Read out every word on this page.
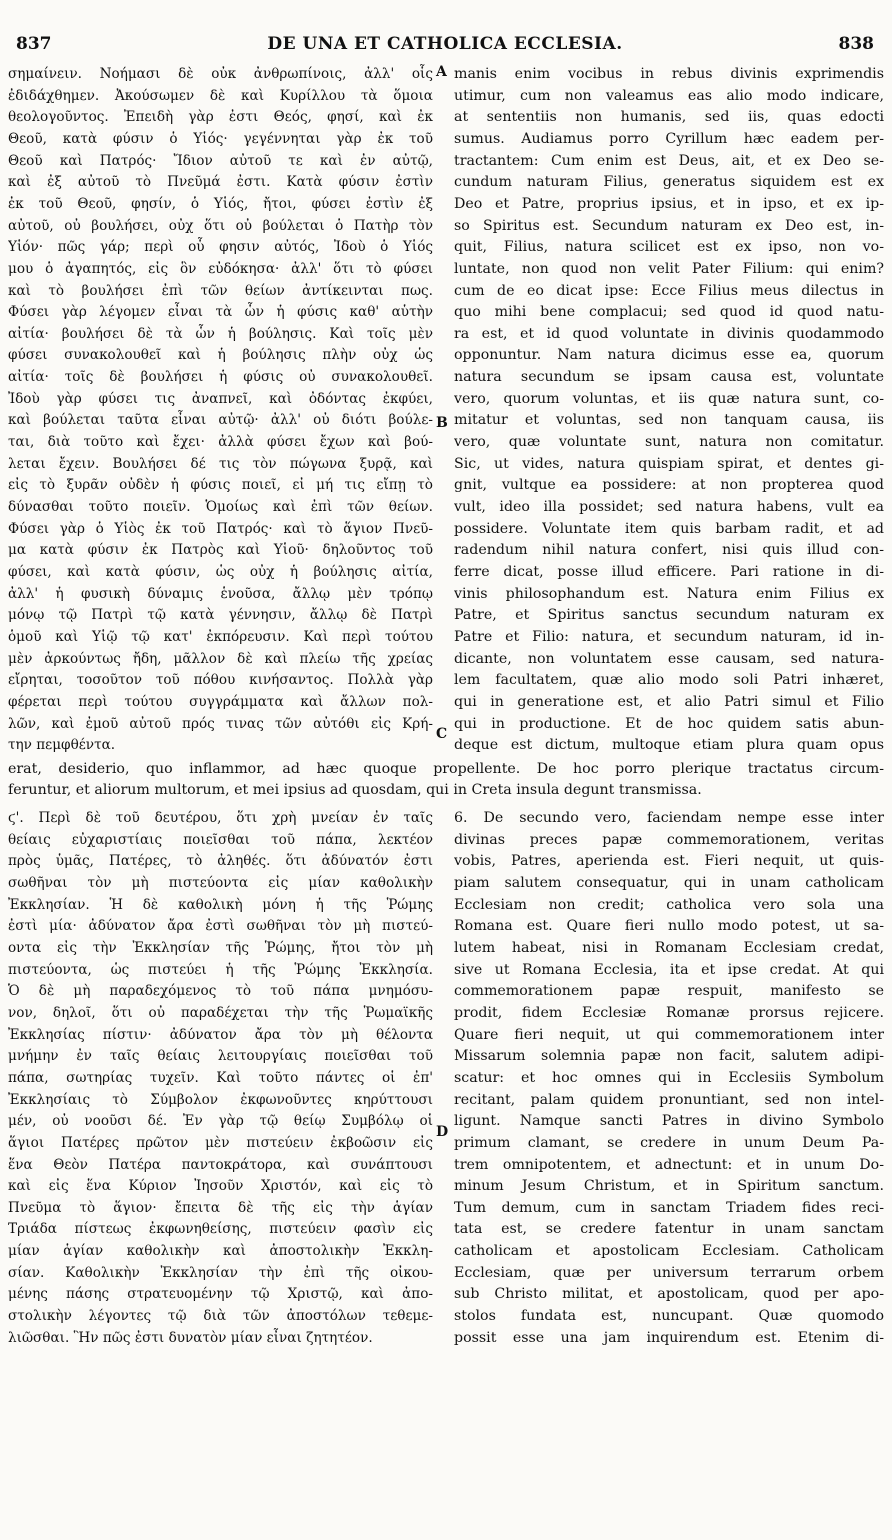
837	DE UNA ET CATHOLICA ECCLESIA.	838
σημαίνειν. Νοήμασι δὲ οὐκ ἀνθρωπίνοις, ἀλλ' οἷς
ἐδιδάχθημεν. Ἀκούσωμεν δὲ καὶ Κυρίλλου τὰ ὅμοια
θεολογοῦντος. Ἐπειδὴ γὰρ ἐστι Θεός, φησί, καὶ ἐκ
Θεοῦ, κατὰ φύσιν ὁ Υἱός· γεγέννηται γὰρ ἐκ τοῦ
Θεοῦ καὶ Πατρός· Ἴδιον αὐτοῦ τε καὶ ἐν αὐτῷ,
καὶ ἐξ αὐτοῦ τὸ Πνεῦμά ἐστι. Κατὰ φύσιν ἐστὶν
ἐκ τοῦ Θεοῦ, φησίν, ὁ Υἱός, ἤτοι, φύσει ἐστὶν ἐξ
αὐτοῦ, οὐ βουλήσει, οὐχ ὅτι οὐ βούλεται ὁ Πατὴρ τὸν
Υἱόν· πῶς γάρ; περὶ οὗ φησιν αὐτός, Ἰδοὺ ὁ Υἱός
μου ὁ ἀγαπητός, εἰς ὃν εὐδόκησα· ἀλλ' ὅτι τὸ φύσει
καὶ τὸ βουλήσει ἐπὶ τῶν θείων ἀντίκεινται πως.
Φύσει γὰρ λέγομεν εἶναι τὰ ὧν ἡ φύσις καθ' αὑτὴν
αἰτία· βουλήσει δὲ τὰ ὧν ἡ βούλησις. Καὶ τοῖς μὲν
φύσει συνακολουθεῖ καὶ ἡ βούλησις πλὴν οὐχ ὡς
αἰτία· τοῖς δὲ βουλήσει ἡ φύσις οὐ συνακολουθεῖ.
Ἰδοὺ γὰρ φύσει τις ἀναπνεῖ, καὶ ὀδόντας ἐκφύει,
καὶ βούλεται ταῦτα εἶναι αὐτῷ· ἀλλ' οὐ διότι βούλε-
ται, διὰ τοῦτο καὶ ἔχει· ἀλλὰ φύσει ἔχων καὶ βού-
λεται ἔχειν. Βουλήσει δέ τις τὸν πώγωνα ξυρᾷ, καὶ
εἰς τὸ ξυρᾶν οὐδὲν ἡ φύσις ποιεῖ, εἰ μή τις εἴπῃ τὸ
δύνασθαι τοῦτο ποιεῖν. Ὁμοίως καὶ ἐπὶ τῶν θείων.
Φύσει γὰρ ὁ Υἱὸς ἐκ τοῦ Πατρός· καὶ τὸ ἅγιον Πνεῦ-
μα κατὰ φύσιν ἐκ Πατρὸς καὶ Υἱοῦ· δηλοῦντος τοῦ
φύσει, καὶ κατὰ φύσιν, ὡς οὐχ ἡ βούλησις αἰτία,
ἀλλ' ἡ φυσικὴ δύναμις ἑνοῦσα, ἄλλῳ μὲν τρόπῳ
μόνῳ τῷ Πατρὶ τῷ κατὰ γέννησιν, ἄλλῳ δὲ Πατρὶ
ὁμοῦ καὶ Υἱῷ τῷ κατ' ἐκπόρευσιν. Καὶ περὶ τούτου
μὲν ἀρκούντως ἤδη, μᾶλλον δὲ καὶ πλείω τῆς χρείας
εἴρηται, τοσοῦτον τοῦ πόθου κινήσαντος. Πολλὰ γὰρ
φέρεται περὶ τούτου συγγράμματα καὶ ἄλλων πολ-
λῶν, καὶ ἐμοῦ αὐτοῦ πρός τινας τῶν αὐτόθι εἰς Κρή-
την πεμφθέντα.
manis enim vocibus in rebus divinis exprimendis
utimur, cum non valeamus eas alio modo indicare,
at sententiis non humanis, sed iis, quas edocti
sumus. Audiamus porro Cyrillum hæc eadem per-
tractantem: Cum enim est Deus, ait, et ex Deo se-
cundum naturam Filius, generatus siquidem est ex
Deo et Patre, proprius ipsius, et in ipso, et ex ip-
so Spiritus est. Secundum naturam ex Deo est, in-
quit, Filius, natura scilicet est ex ipso, non vo-
luntate, non quod non velit Pater Filium: qui enim?
cum de eo dicat ipse: Ecce Filius meus dilectus in
quo mihi bene complacui; sed quod id quod natu-
ra est, et id quod voluntate in divinis quodammodo
opponuntur. Nam natura dicimus esse ea, quorum
natura secundum se ipsam causa est, voluntate
vero, quorum voluntas, et iis quæ natura sunt, co-
mitatur et voluntas, sed non tanquam causa, iis
vero, quæ voluntate sunt, natura non comitatur.
Sic, ut vides, natura quispiam spirat, et dentes gi-
gnit, vultque ea possidere: at non propterea quod
vult, ideo illa possidet; sed natura habens, vult ea
possidere. Voluntate item quis barbam radit, et ad
radendum nihil natura confert, nisi quis illud con-
ferre dicat, posse illud efficere. Pari ratione in di-
vinis philosophandum est. Natura enim Filius ex
Patre, et Spiritus sanctus secundum naturam ex
Patre et Filio: natura, et secundum naturam, id in-
dicante, non voluntatem esse causam, sed natura-
lem facultatem, quæ alio modo soli Patri inhæret,
qui in generatione est, et alio Patri simul et Filio
qui in productione. Et de hoc quidem satis abun-
deque est dictum, multoque etiam plura quam opus
erat, desiderio, quo inflammor, ad hæc quoque propellente. De hoc porro plerique tractatus circum-
feruntur, et aliorum multorum, et mei ipsius ad quosdam, qui in Creta insula degunt transmissa.
ϛ'. Περὶ δὲ τοῦ δευτέρου, ὅτι χρὴ μνείαν ἐν ταῖς
θείαις εὐχαριστίαις ποιεῖσθαι τοῦ πάπα, λεκτέον
πρὸς ὑμᾶς, Πατέρες, τὸ ἀληθές. ὅτι ἀδύνατόν ἐστι
σωθῆναι τὸν μὴ πιστεύοντα εἰς μίαν καθολικὴν
Ἐκκλησίαν. Ἡ δὲ καθολικὴ μόνη ἡ τῆς Ῥώμης
ἐστὶ μία· ἀδύνατον ἄρα ἐστὶ σωθῆναι τὸν μὴ πιστεύ-
οντα εἰς τὴν Ἐκκλησίαν τῆς Ῥώμης, ἤτοι τὸν μὴ
πιστεύοντα, ὡς πιστεύει ἡ τῆς Ῥώμης Ἐκκλησία.
Ὁ δὲ μὴ παραδεχόμενος τὸ τοῦ πάπα μνημόσυ-
νον, δηλοῖ, ὅτι οὐ παραδέχεται τὴν τῆς Ῥωμαϊκῆς
Ἐκκλησίας πίστιν· ἀδύνατον ἄρα τὸν μὴ θέλοντα
μνήμην ἐν ταῖς θείαις λειτουργίαις ποιεῖσθαι τοῦ
πάπα, σωτηρίας τυχεῖν. Καὶ τοῦτο πάντες οἱ ἐπ'
Ἐκκλησίαις τὸ Σύμβολον ἐκφωνοῦντες κηρύττουσι
μέν, οὐ νοοῦσι δέ. Ἐν γὰρ τῷ θείῳ Συμβόλῳ οἱ
ἅγιοι Πατέρες πρῶτον μὲν πιστεύειν ἐκβοῶσιν εἰς
ἕνα Θεὸν Πατέρα παντοκράτορα, καὶ συνάπτουσι
καὶ εἰς ἕνα Κύριον Ἰησοῦν Χριστόν, καὶ εἰς τὸ
Πνεῦμα τὸ ἅγιον· ἔπειτα δὲ τῆς εἰς τὴν ἁγίαν
Τριάδα πίστεως ἐκφωνηθείσης, πιστεύειν φασὶν εἰς
μίαν ἁγίαν καθολικὴν καὶ ἀποστολικὴν Ἐκκλη-
σίαν. Καθολικὴν Ἐκκλησίαν τὴν ἐπὶ τῆς οἰκου-
μένης πάσης στρατευομένην τῷ Χριστῷ, καὶ ἀπο-
στολικὴν λέγοντες τῷ διὰ τῶν ἀποστόλων τεθεμε-
λιῶσθαι. Ἣν πῶς ἐστι δυνατὸν μίαν εἶναι ζητητέον.
6. De secundo vero, faciendam nempe esse inter
divinas preces papæ commemorationem, veritas
vobis, Patres, aperienda est. Fieri nequit, ut quis-
piam salutem consequatur, qui in unam catholicam
Ecclesiam non credit; catholica vero sola una
Romana est. Quare fieri nullo modo potest, ut sa-
lutem habeat, nisi in Romanam Ecclesiam credat,
sive ut Romana Ecclesia, ita et ipse credat. At qui
commemorationem papæ respuit, manifesto se
prodit, fidem Ecclesiæ Romanæ prorsus rejicere.
Quare fieri nequit, ut qui commemorationem inter
Missarum solemnia papæ non facit, salutem adipi-
scatur: et hoc omnes qui in Ecclesiis Symbolum
recitant, palam quidem pronuntiant, sed non intel-
ligunt. Namque sancti Patres in divino Symbolo
primum clamant, se credere in unum Deum Pa-
trem omnipotentem, et adnectunt: et in unum Do-
minum Jesum Christum, et in Spiritum sanctum.
Tum demum, cum in sanctam Triadem fides reci-
tata est, se credere fatentur in unam sanctam
catholicam et apostolicam Ecclesiam. Catholicam
Ecclesiam, quæ per universum terrarum orbem
sub Christo militat, et apostolicam, quod per apo-
stolos fundata est, nuncupant. Quæ quomodo
possit esse una jam inquirendum est. Etenim di-
A
B
C
D
